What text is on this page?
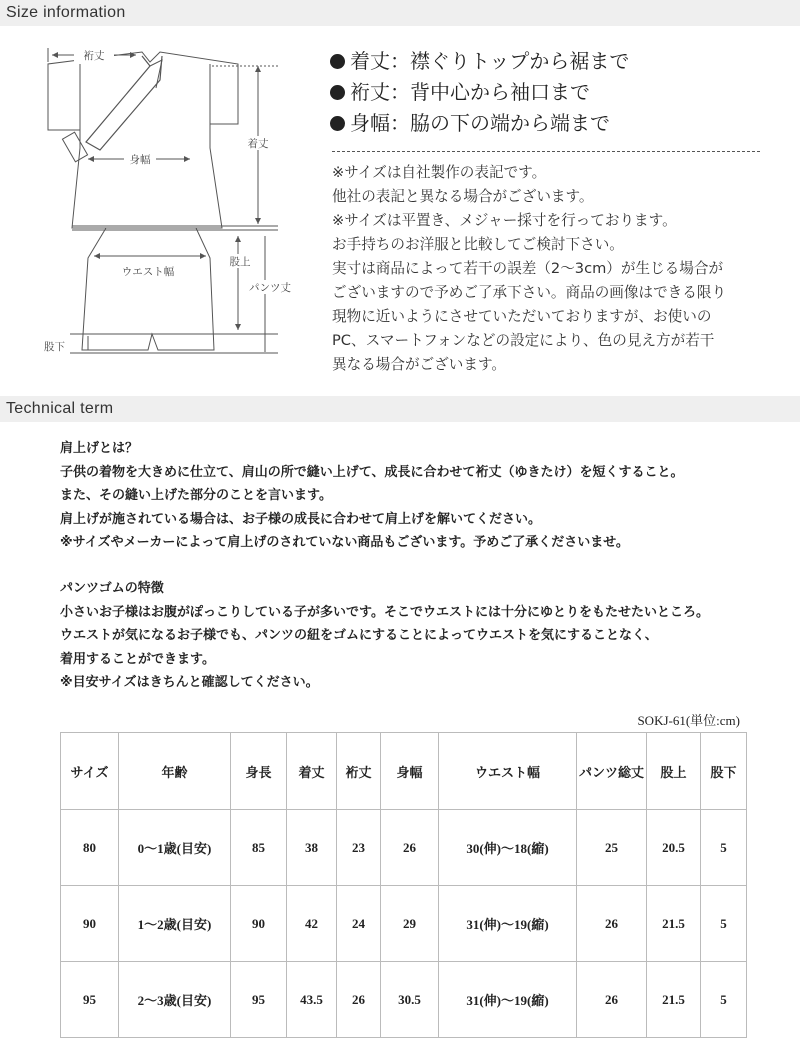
Size information
裄丈
身幅
着丈
ウエスト幅
股上
パンツ丈
股下
着丈：襟ぐりトップから裾まで
裄丈：背中心から袖口まで
身幅：脇の下の端から端まで
※サイズは自社製作の表記です。
他社の表記と異なる場合がございます。
※サイズは平置き、メジャー採寸を行っております。
お手持ちのお洋服と比較してご検討下さい。
実寸は商品によって若干の誤差（2〜3cm）が生じる場合が
ございますので予めご了承下さい。商品の画像はできる限り
現物に近いようにさせていただいておりますが、お使いの
PC、スマートフォンなどの設定により、色の見え方が若干
異なる場合がございます。
Technical term
肩上げとは？
子供の着物を大きめに仕立て、肩山の所で縫い上げて、成長に合わせて裄丈（ゆきたけ）を短くすること。
また、その縫い上げた部分のことを言います。
肩上げが施されている場合は、お子様の成長に合わせて肩上げを解いてください。
※サイズやメーカーによって肩上げのされていない商品もございます。予めご了承くださいませ。
パンツゴムの特徴
小さいお子様はお腹がぽっこりしている子が多いです。そこでウエストには十分にゆとりをもたせたいところ。
ウエストが気になるお子様でも、パンツの紐をゴムにすることによってウエストを気にすることなく、
着用することができます。
※目安サイズはきちんと確認してください。
SOKJ-61(単位:cm)
サイズ	年齢	身長	着丈	裄丈	身幅	ウエスト幅	パンツ総丈	股上	股下
80	0〜1歳(目安)	85	38	23	26	30(伸)〜18(縮)	25	20.5	5
90	1〜2歳(目安)	90	42	24	29	31(伸)〜19(縮)	26	21.5	5
95	2〜3歳(目安)	95	43.5	26	30.5	31(伸)〜19(縮)	26	21.5	5
